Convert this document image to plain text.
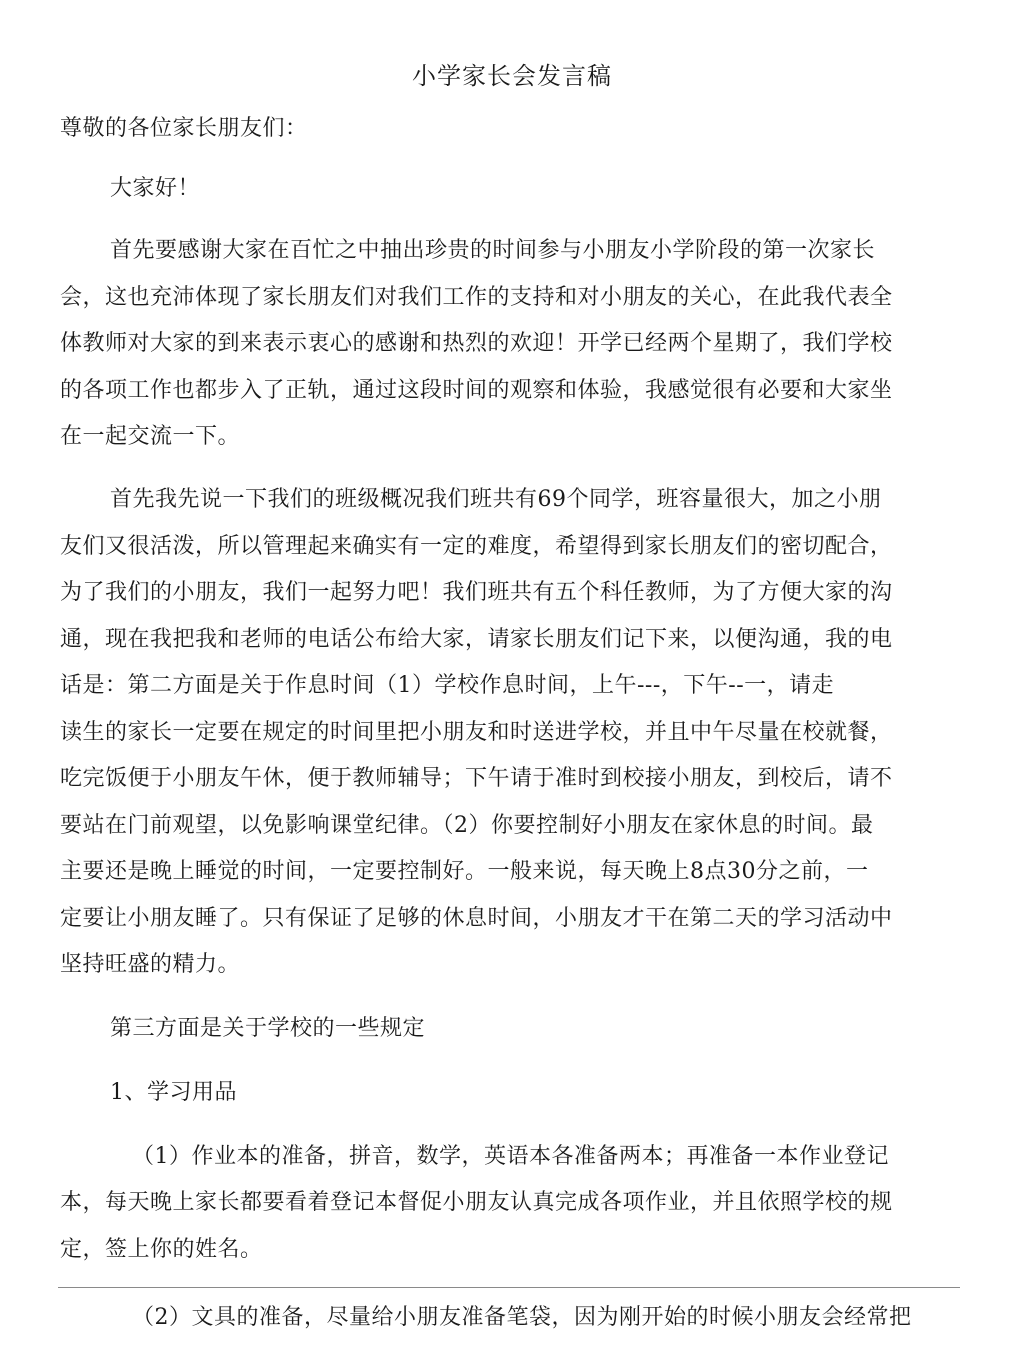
小学家长会发言稿
尊敬的各位家长朋友们：
大家好！
首先要感谢大家在百忙之中抽出珍贵的时间参与小朋友小学阶段的第一次家长
会，这也充沛体现了家长朋友们对我们工作的支持和对小朋友的关心，在此我代表全
体教师对大家的到来表示衷心的感谢和热烈的欢迎！开学已经两个星期了，我们学校
的各项工作也都步入了正轨，通过这段时间的观察和体验，我感觉很有必要和大家坐
在一起交流一下。
首先我先说一下我们的班级概况我们班共有69个同学，班容量很大，加之小朋
友们又很活泼，所以管理起来确实有一定的难度，希望得到家长朋友们的密切配合，
为了我们的小朋友，我们一起努力吧！我们班共有五个科任教师，为了方便大家的沟
通，现在我把我和老师的电话公布给大家，请家长朋友们记下来，以便沟通，我的电
话是：第二方面是关于作息时间（1）学校作息时间，上午---，下午--一，请走
读生的家长一定要在规定的时间里把小朋友和时送进学校，并且中午尽量在校就餐，
吃完饭便于小朋友午休，便于教师辅导；下午请于准时到校接小朋友，到校后，请不
要站在门前观望，以免影响课堂纪律。（2）你要控制好小朋友在家休息的时间。最
主要还是晚上睡觉的时间，一定要控制好。一般来说，每天晚上8点30分之前，一
定要让小朋友睡了。只有保证了足够的休息时间，小朋友才干在第二天的学习活动中
坚持旺盛的精力。
第三方面是关于学校的一些规定
1、学习用品
（1）作业本的准备，拼音，数学，英语本各准备两本；再准备一本作业登记
本，每天晚上家长都要看着登记本督促小朋友认真完成各项作业，并且依照学校的规
定，签上你的姓名。
（2）文具的准备，尽量给小朋友准备笔袋，因为刚开始的时候小朋友会经常把
